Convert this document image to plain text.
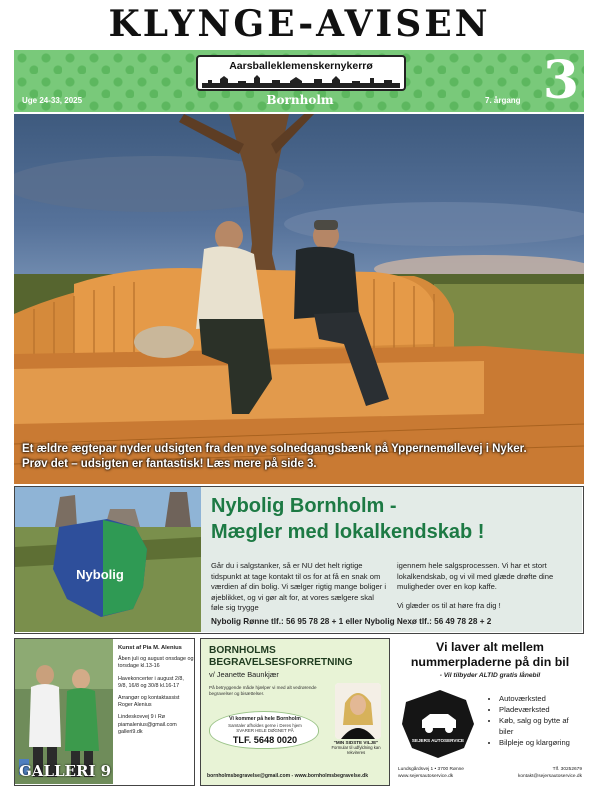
KLYNGE-AVISEN
Aarsballeklemenskernykerrø
Uge 24-33, 2025	Bornholm	7. årgang 3
Et ældre ægtepar nyder udsigten fra den nye solnedgangsbænk på Yppernemøllevej i Nyker.
Prøv det – udsigten er fantastisk! Læs mere på side 3.
Nybolig
Nybolig Bornholm -
Mægler med lokalkendskab !
Går du i salgstanker, så er NU det helt rigtige tidspunkt at tage kontakt til os for at få en snak om værdien af din bolig. Vi sælger rigtig mange boliger i øjeblikket, og vi gør alt for, at vores sælgere skal føle sig trygge
igennem hele salgsprocessen. Vi har et stort lokalkendskab, og vi vil med glæde drøfte dine muligheder over en kop kaffe.
Vi glæder os til at høre fra dig !
Nybolig Rønne tlf.: 56 95 78 28 + 1 eller Nybolig Nexø tlf.: 56 49 78 28 + 2
GALLERI 9
Kunst af Pia M. Alenius
Åben juli og august onsdage og torsdage kl.13-16
Havekoncerter i august 2/8, 9/8, 16/8 og 30/8 kl.16-17
Arrangør og kontaktassist Roger Alenius
Lindeskovvej 9 i Rø
piamalenius@gmail.com
galleri9.dk
BORNHOLMS
BEGRAVELSESFORRETNING
v/ Jeanette Baunkjær
På betryggende måde hjælper vi med alt vedrørende begravelser og bisættelser.
Vi kommer på hele Bornholm
Samtaler afholdes gerne i Deres hjem
SVARER HELE DØGNET PÅ
TLF. 5648 0020	"MIN SIDSTE VILJE"
Formular til udfyldning kan rekvireres
bornholmsbegravelse@gmail.com - www.bornholmsbegravelse.dk
Vi laver alt mellem
nummerpladerne på din bil
- Vil tilbyder ALTID gratis lånebil
SEJERS AUTOSERVICE
• Autoværksted
• Pladeværksted
• Køb, salg og bytte af biler
• Bilpleje og klargøring
Lundsgårdsvej 1 • 3700 Rønne
www.sejersautoservice.dk
Tlf. 30252679
kontakt@sejersautoservice.dk
